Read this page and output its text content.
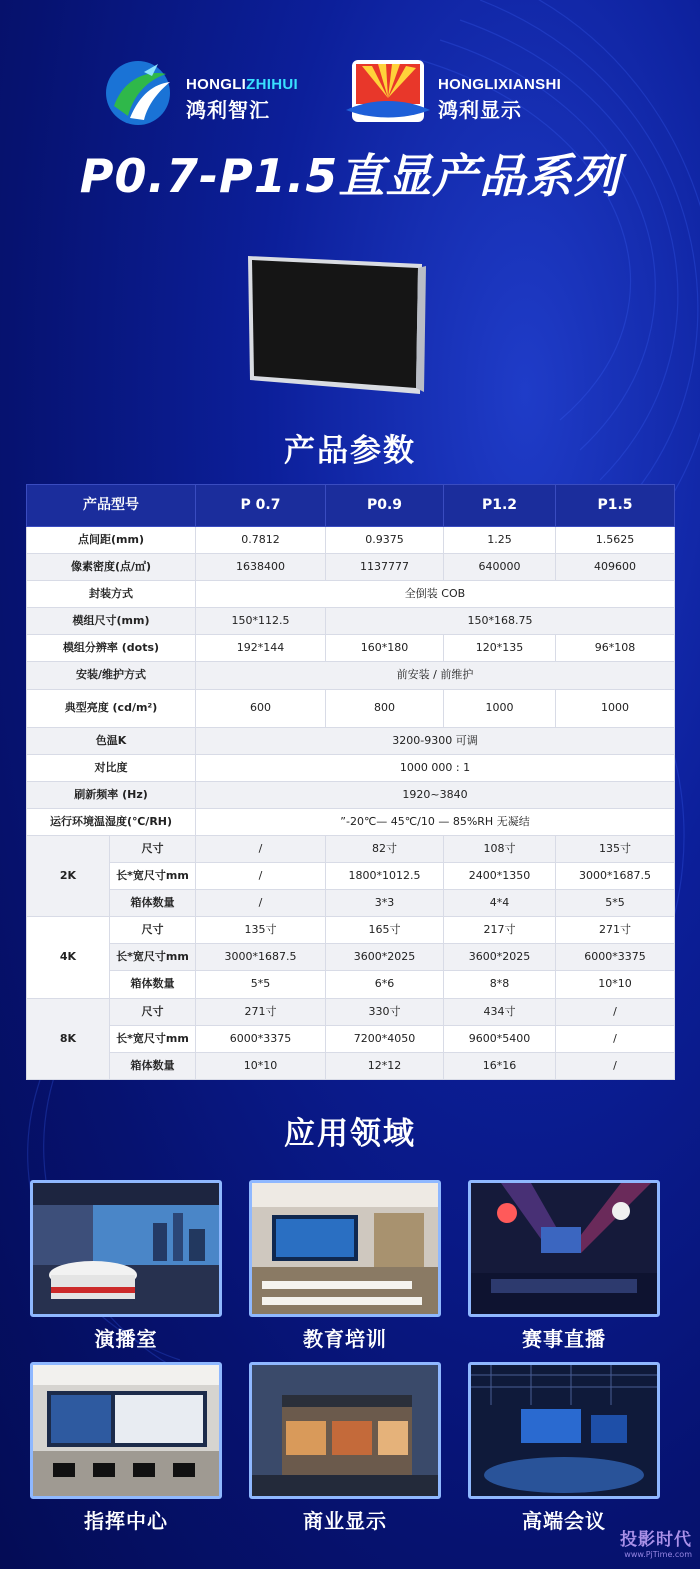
HONGLIZHIHUI
鸿利智汇
HONGLIXIANSHI
鸿利显示
P0.7-P1.5直显产品系列
产品参数
产品型号		P 0.7	P0.9	P1.2	P1.5
点间距(mm)		0.7812	0.9375	1.25	1.5625
像素密度(点/㎡)		1638400	1137777	640000	409600
封装方式		全倒装 COB			
模组尺寸(mm)		150*112.5	150*168.75		
模组分辨率 (dots)		192*144	160*180	120*135	96*108
安装/维护方式		前安装 / 前维护			
典型亮度 (cd/m²)		600	800	1000	1000
色温K		3200-9300 可调			
对比度		1000 000 : 1			
刷新频率 (Hz)		1920~3840			
运行环境温湿度(℃/RH)		”-20℃— 45℃/10 — 85%RH 无凝结			
2K	尺寸	/	82寸	108寸	135寸
	长*宽尺寸mm	/	1800*1012.5	2400*1350	3000*1687.5
	箱体数量	/	3*3	4*4	5*5
4K	尺寸	135寸	165寸	217寸	271寸
	长*宽尺寸mm	3000*1687.5	3600*2025	3600*2025	6000*3375
	箱体数量	5*5	6*6	8*8	10*10
8K	尺寸	271寸	330寸	434寸	/
	长*宽尺寸mm	6000*3375	7200*4050	9600*5400	/
	箱体数量	10*10	12*12	16*16	/
应用领域
演播室	教育培训	赛事直播
指挥中心	商业显示	高端会议
投影时代
www.PjTime.com
